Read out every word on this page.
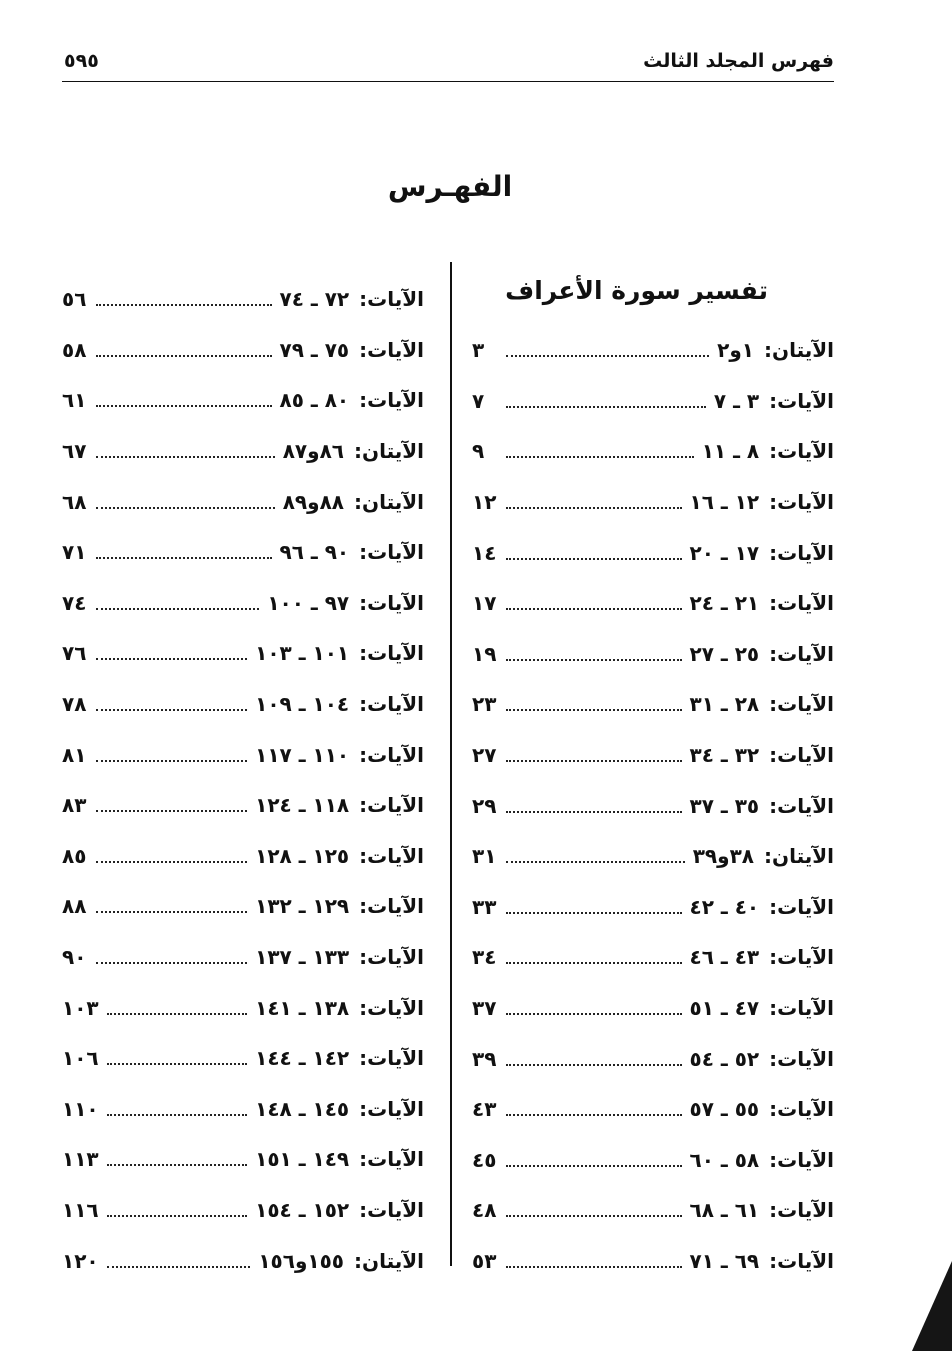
فهرس المجلد الثالث
٥٩٥
الفهـرس
تفسير سورة الأعراف
الآيتان:
١و٢
٣
الآيات:
٣ ـ ٧
٧
الآيات:
٨ ـ ١١
٩
الآيات:
١٢ ـ ١٦
١٢
الآيات:
١٧ ـ ٢٠
١٤
الآيات:
٢١ ـ ٢٤
١٧
الآيات:
٢٥ ـ ٢٧
١٩
الآيات:
٢٨ ـ ٣١
٢٣
الآيات:
٣٢ ـ ٣٤
٢٧
الآيات:
٣٥ ـ ٣٧
٢٩
الآيتان:
٣٨و٣٩
٣١
الآيات:
٤٠ ـ ٤٢
٣٣
الآيات:
٤٣ ـ ٤٦
٣٤
الآيات:
٤٧ ـ ٥١
٣٧
الآيات:
٥٢ ـ ٥٤
٣٩
الآيات:
٥٥ ـ ٥٧
٤٣
الآيات:
٥٨ ـ ٦٠
٤٥
الآيات:
٦١ ـ ٦٨
٤٨
الآيات:
٦٩ ـ ٧١
٥٣
الآيات:
٧٢ ـ ٧٤
٥٦
الآيات:
٧٥ ـ ٧٩
٥٨
الآيات:
٨٠ ـ ٨٥
٦١
الآيتان:
٨٦و٨٧
٦٧
الآيتان:
٨٨و٨٩
٦٨
الآيات:
٩٠ ـ ٩٦
٧١
الآيات:
٩٧ ـ ١٠٠
٧٤
الآيات:
١٠١ ـ ١٠٣
٧٦
الآيات:
١٠٤ ـ ١٠٩
٧٨
الآيات:
١١٠ ـ ١١٧
٨١
الآيات:
١١٨ ـ ١٢٤
٨٣
الآيات:
١٢٥ ـ ١٢٨
٨٥
الآيات:
١٢٩ ـ ١٣٢
٨٨
الآيات:
١٣٣ ـ ١٣٧
٩٠
الآيات:
١٣٨ ـ ١٤١
١٠٣
الآيات:
١٤٢ ـ ١٤٤
١٠٦
الآيات:
١٤٥ ـ ١٤٨
١١٠
الآيات:
١٤٩ ـ ١٥١
١١٣
الآيات:
١٥٢ ـ ١٥٤
١١٦
الآيتان:
١٥٥و١٥٦
١٢٠
